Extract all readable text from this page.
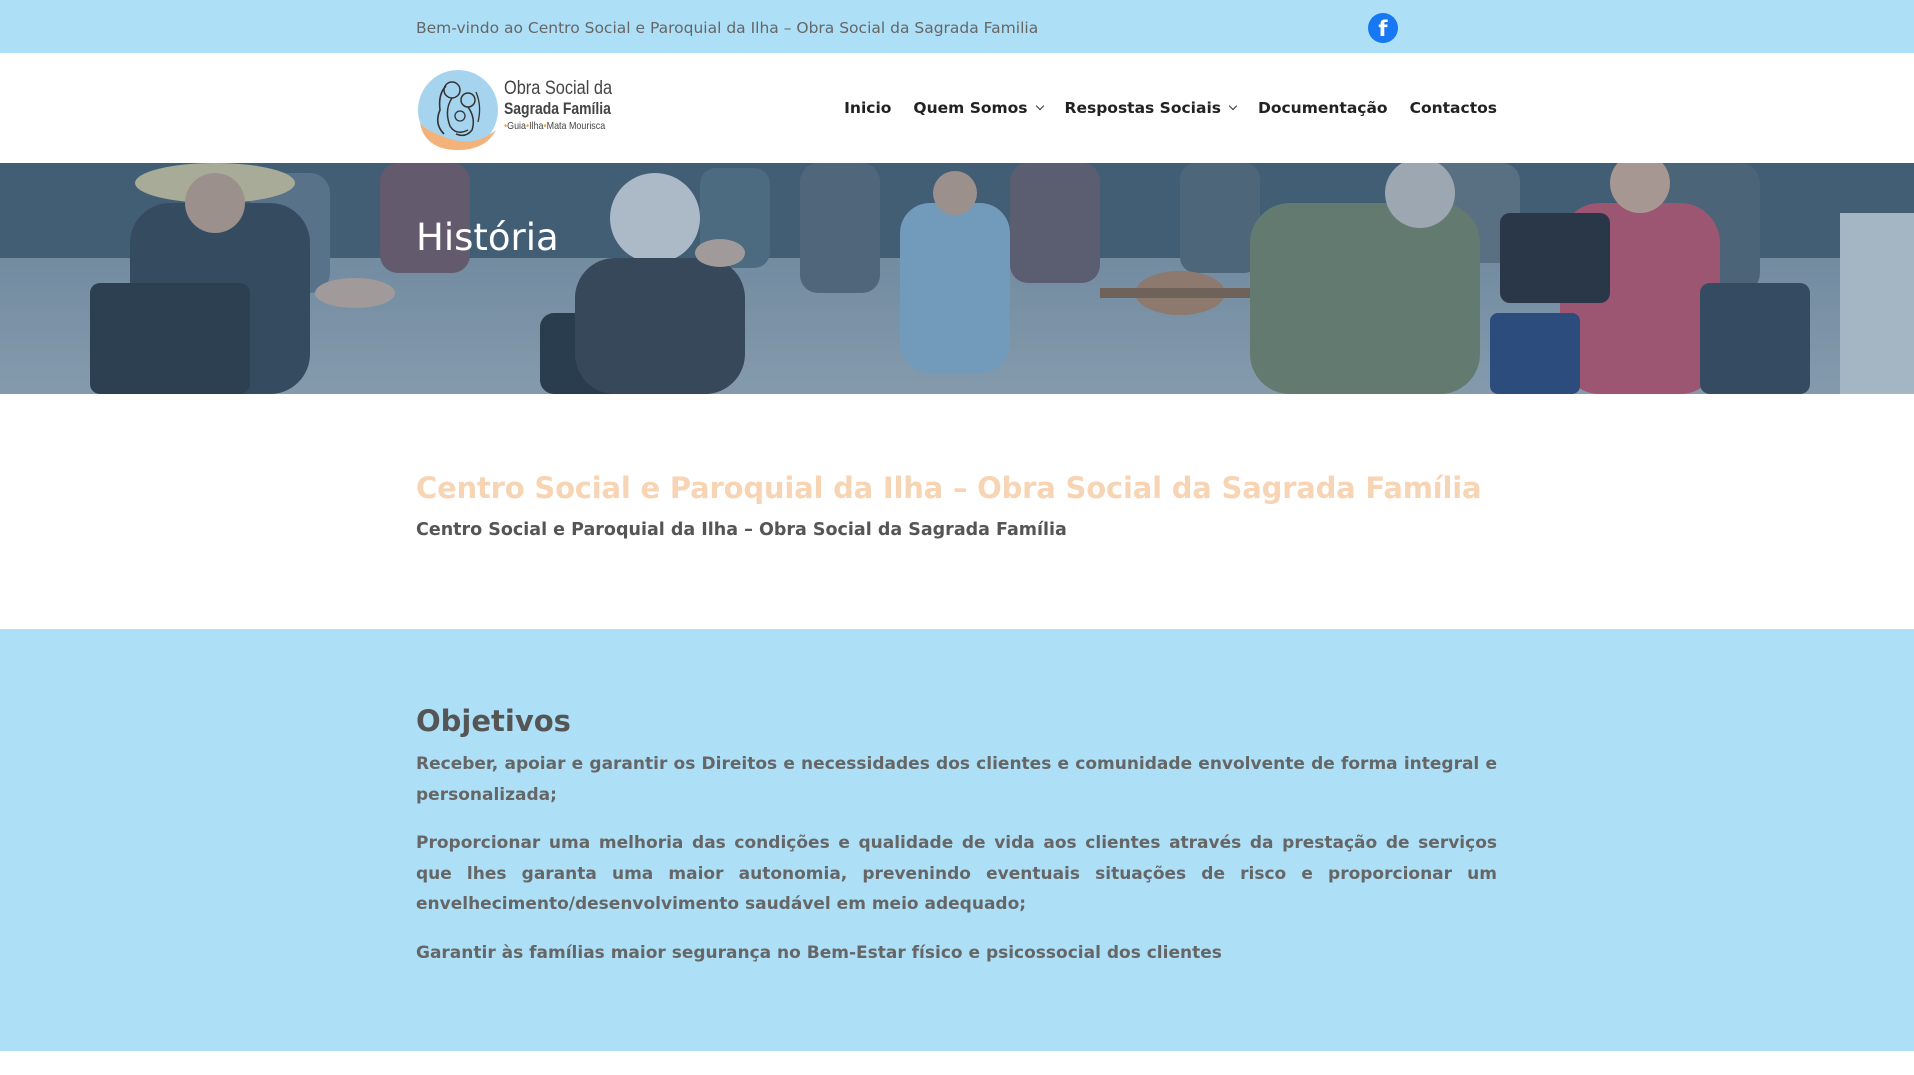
Bem-vindo ao Centro Social e Paroquial da Ilha – Obra Social da Sagrada Familia	f
Obra Social da
Sagrada Família
•Guia•Ilha•Mata Mourisca
Inicio Quem Somos Respostas Sociais Documentação Contactos
História
Centro Social e Paroquial da Ilha – Obra Social da Sagrada Família
Centro Social e Paroquial da Ilha – Obra Social da Sagrada Família
Objetivos

Receber, apoiar e garantir os Direitos e necessidades dos clientes e comunidade envolvente de forma integral e personalizada;

Proporcionar uma melhoria das condições e qualidade de vida aos clientes através da prestação de serviços que lhes garanta uma maior autonomia, prevenindo eventuais situações de risco e proporcionar um envelhecimento/desenvolvimento saudável em meio adequado;

Garantir às famílias maior segurança no Bem-Estar físico e psicossocial dos clientes
